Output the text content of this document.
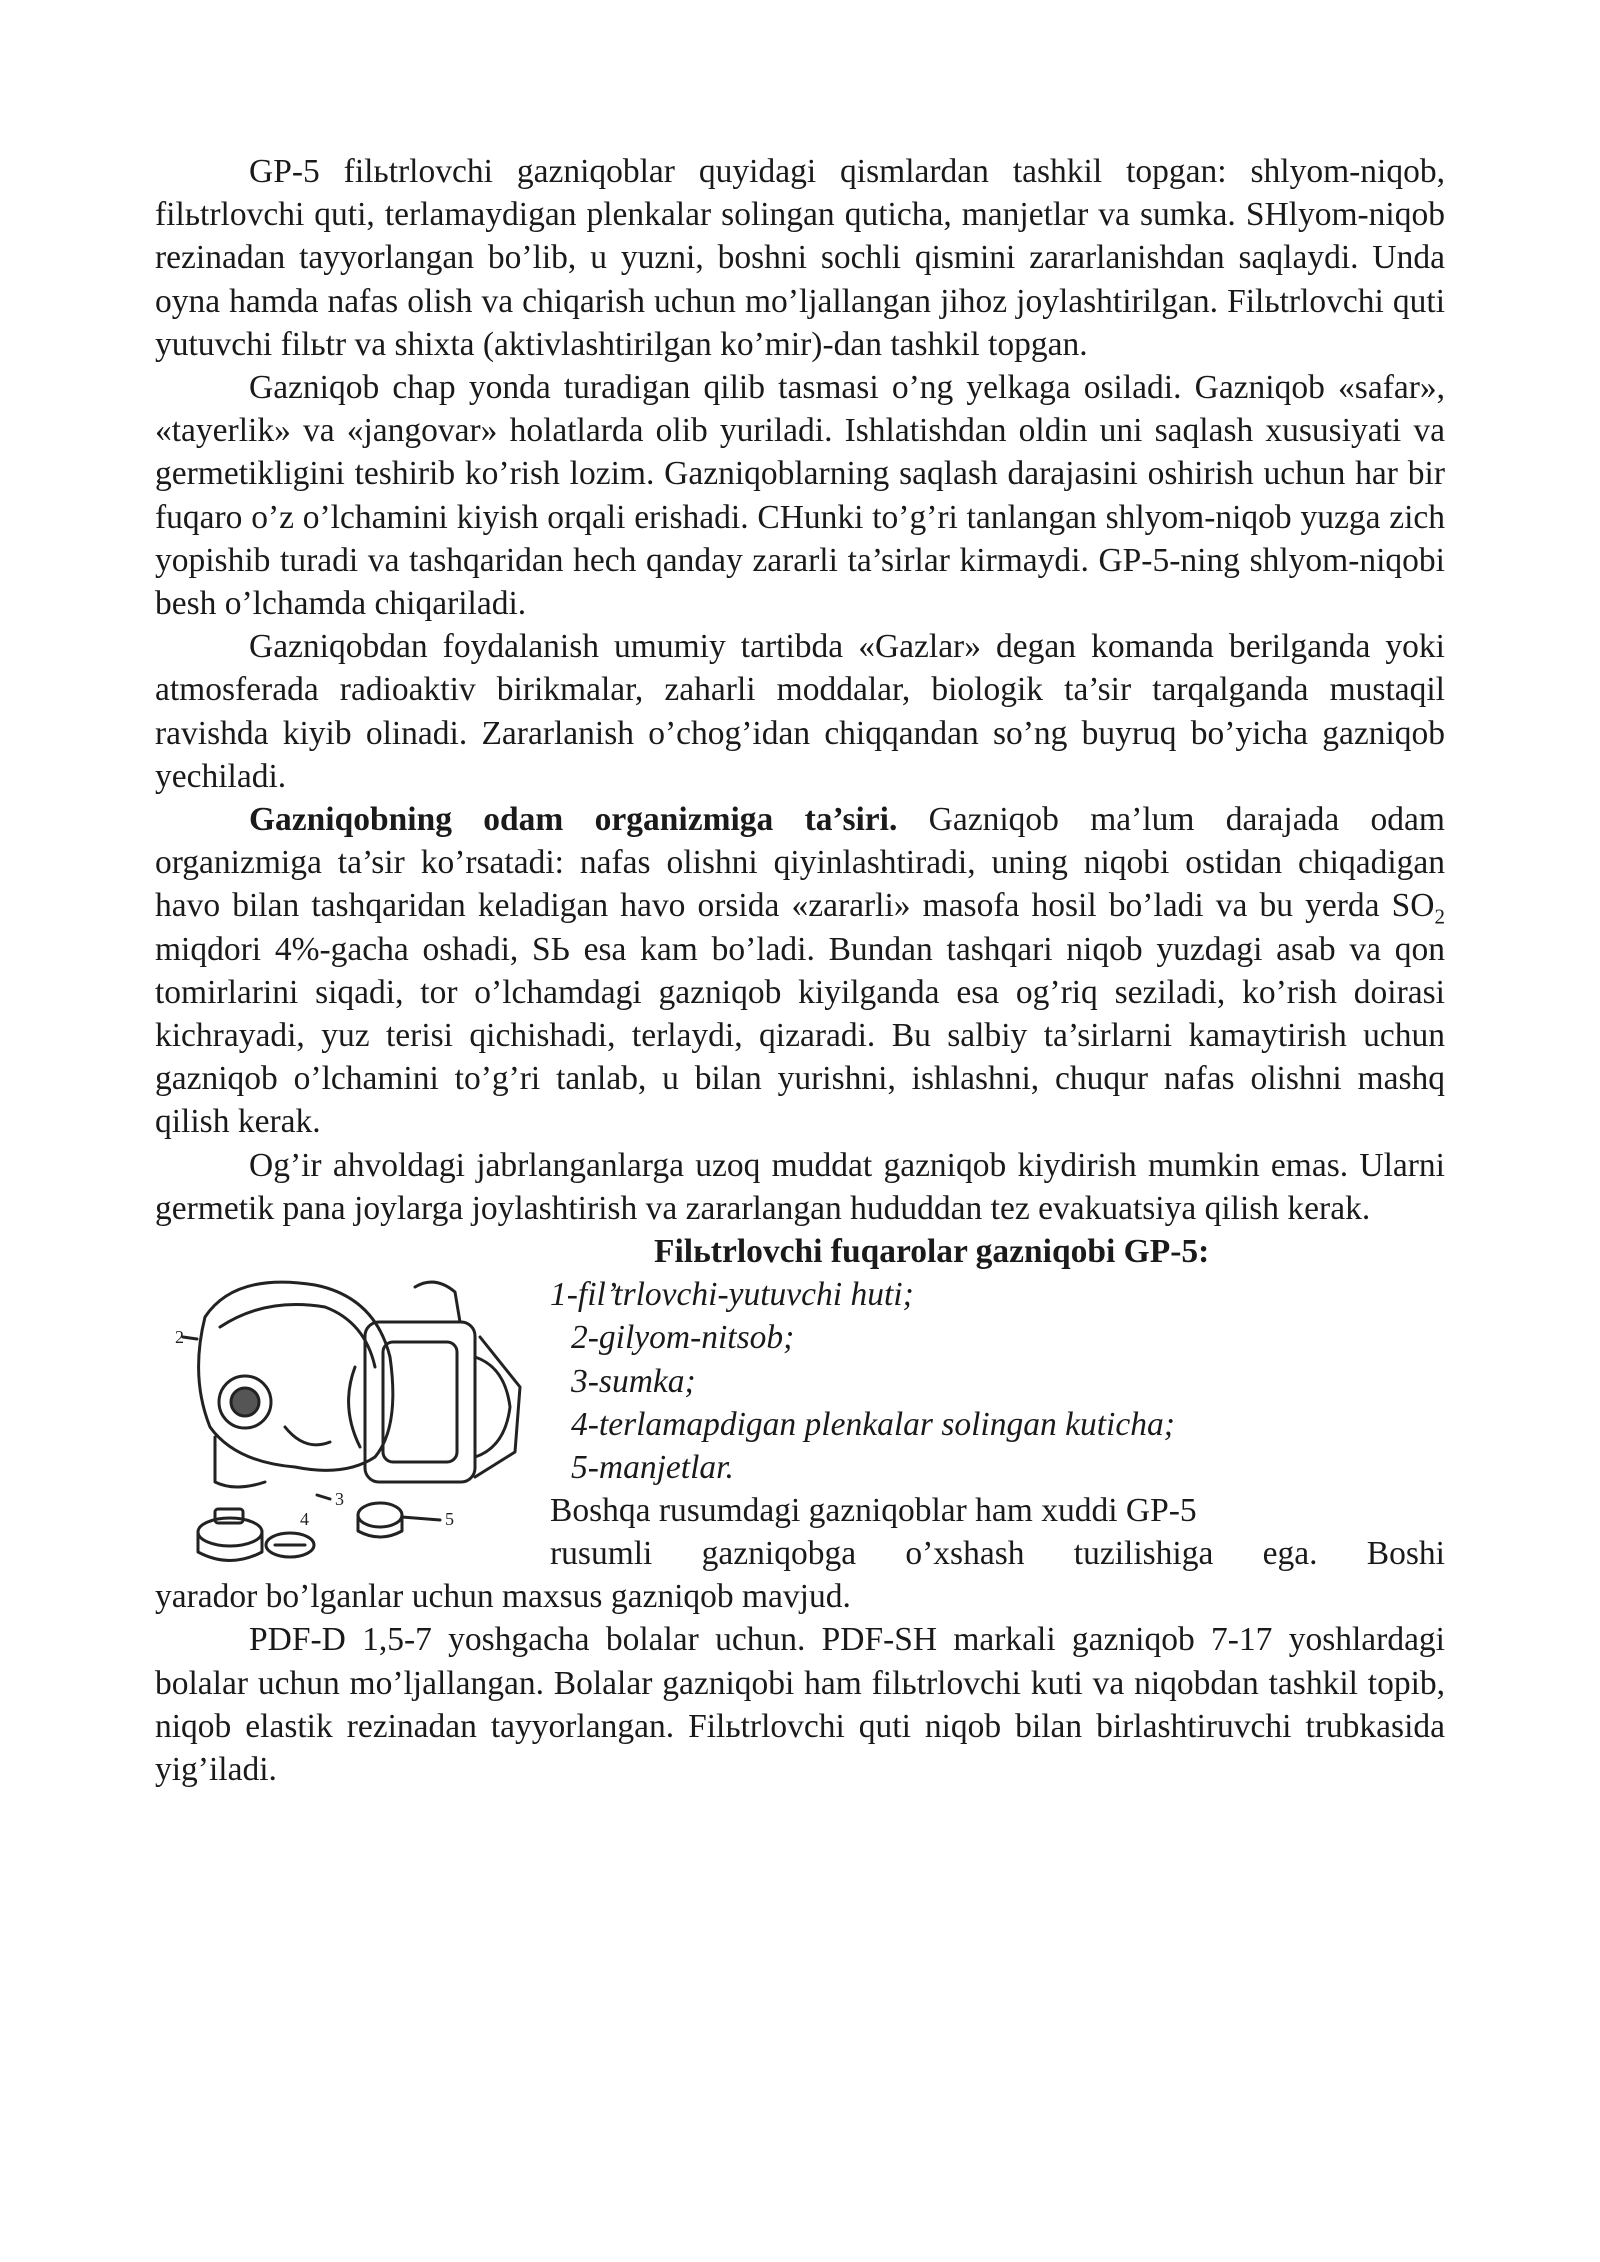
GP-5 filьtrlovchi gazniqoblar quyidagi qismlardan tashkil topgan: shlyom-niqob, filьtrlovchi quti, terlamaydigan plenkalar solingan quticha, manjetlar va sumka. SHlyom-niqob rezinadan tayyorlangan bo’lib, u yuzni, boshni sochli qismini zararlanishdan saqlaydi. Unda oyna hamda nafas olish va chiqarish uchun mo’ljallangan jihoz joylashtirilgan. Filьtrlovchi quti yutuvchi filьtr va shixta (aktivlashtirilgan ko’mir)-dan tashkil topgan.

Gazniqob chap yonda turadigan qilib tasmasi o’ng yelkaga osiladi. Gazniqob «safar», «tayerlik» va «jangovar» holatlarda olib yuriladi. Ishlatishdan oldin uni saqlash xususiyati va germetikligini teshirib ko’rish lozim. Gazniqoblarning saqlash darajasini oshirish uchun har bir fuqaro o’z o’lchamini kiyish orqali erishadi. CHunki to’g’ri tanlangan shlyom-niqob yuzga zich yopishib turadi va tashqaridan hech qanday zararli ta’sirlar kirmaydi. GP-5-ning shlyom-niqobi besh o’lchamda chiqariladi.

Gazniqobdan foydalanish umumiy tartibda «Gazlar» degan komanda berilganda yoki atmosferada radioaktiv birikmalar, zaharli moddalar, biologik ta’sir tarqalganda mustaqil ravishda kiyib olinadi. Zararlanish o’chog’idan chiqqandan so’ng buyruq bo’yicha gazniqob yechiladi.

Gazniqobning odam organizmiga ta’siri. Gazniqob ma’lum darajada odam organizmiga ta’sir ko’rsatadi: nafas olishni qiyinlashtiradi, uning niqobi ostidan chiqadigan havo bilan tashqaridan keladigan havo orsida «zararli» masofa hosil bo’ladi va bu yerda $SO_2$ miqdori 4%-gacha oshadi, SЬ esa kam bo’ladi. Bundan tashqari niqob yuzdagi asab va qon tomirlarini siqadi, tor o’lchamdagi gazniqob kiyilganda esa og’riq seziladi, ko’rish doirasi kichrayadi, yuz terisi qichishadi, terlaydi, qizaradi. Bu salbiy ta’sirlarni kamaytirish uchun gazniqob o’lchamini to’g’ri tanlab, u bilan yurishni, ishlashni, chuqur nafas olishni mashq qilish kerak.

Og’ir ahvoldagi jabrlanganlarga uzoq muddat gazniqob kiydirish mumkin emas. Ularni germetik pana joylarga joylashtirish va zararlangan hududdan tez evakuatsiya qilish kerak.

Filьtrlovchi fuqarolar gazniqobi GP-5:

2
3
4	5
1-fil’trlovchi-yutuvchi huti;
2-gilyom-nitsob;
3-sumka;
4-terlamapdigan plenkalar solingan kuticha;
5-manjetlar.
Boshqa rusumdagi gazniqoblar ham xuddi GP-5
rusumli gazniqobga o’xshash tuzilishiga ega. Boshi

yarador bo’lganlar uchun maxsus gazniqob mavjud.

PDF-D 1,5-7 yoshgacha bolalar uchun. PDF-SH markali gazniqob 7-17 yoshlardagi bolalar uchun mo’ljallangan. Bolalar gazniqobi ham filьtrlovchi kuti va niqobdan tashkil topib, niqob elastik rezinadan tayyorlangan. Filьtrlovchi quti niqob bilan birlashtiruvchi trubkasida yig’iladi.
